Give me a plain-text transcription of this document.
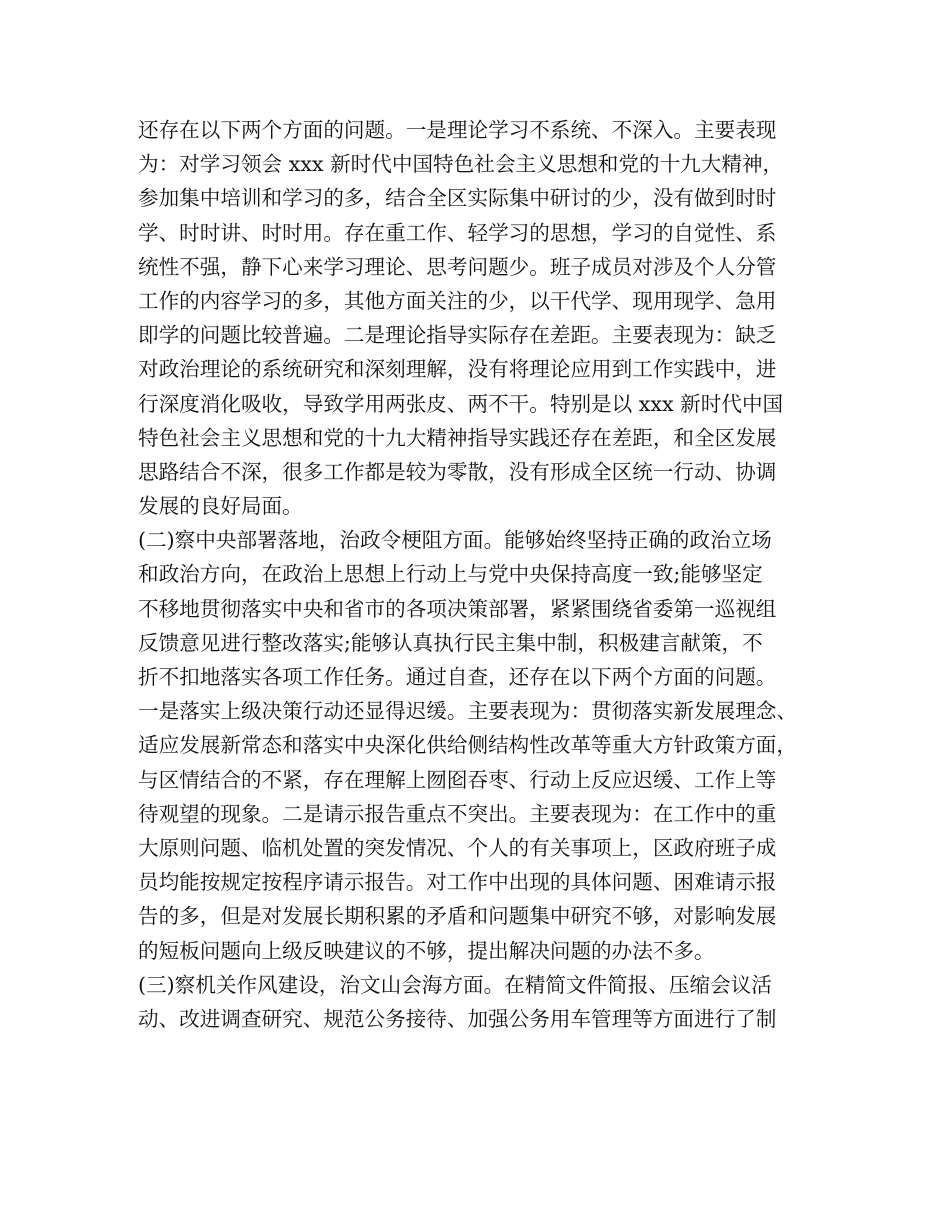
还存在以下两个方面的问题。一是理论学习不系统、不深入。主要表现
为：对学习领会 xxx 新时代中国特色社会主义思想和党的十九大精神，
参加集中培训和学习的多，结合全区实际集中研讨的少，没有做到时时
学、时时讲、时时用。存在重工作、轻学习的思想，学习的自觉性、系
统性不强，静下心来学习理论、思考问题少。班子成员对涉及个人分管
工作的内容学习的多，其他方面关注的少，以干代学、现用现学、急用
即学的问题比较普遍。二是理论指导实际存在差距。主要表现为：缺乏
对政治理论的系统研究和深刻理解，没有将理论应用到工作实践中，进
行深度消化吸收，导致学用两张皮、两不干。特别是以 xxx 新时代中国
特色社会主义思想和党的十九大精神指导实践还存在差距，和全区发展
思路结合不深，很多工作都是较为零散，没有形成全区统一行动、协调
发展的良好局面。
(二)察中央部署落地，治政令梗阻方面。能够始终坚持正确的政治立场
和政治方向，在政治上思想上行动上与党中央保持高度一致;能够坚定
不移地贯彻落实中央和省市的各项决策部署，紧紧围绕省委第一巡视组
反馈意见进行整改落实;能够认真执行民主集中制，积极建言献策，不
折不扣地落实各项工作任务。通过自查，还存在以下两个方面的问题。
一是落实上级决策行动还显得迟缓。主要表现为：贯彻落实新发展理念、
适应发展新常态和落实中央深化供给侧结构性改革等重大方针政策方面，
与区情结合的不紧，存在理解上囫囵吞枣、行动上反应迟缓、工作上等
待观望的现象。二是请示报告重点不突出。主要表现为：在工作中的重
大原则问题、临机处置的突发情况、个人的有关事项上，区政府班子成
员均能按规定按程序请示报告。对工作中出现的具体问题、困难请示报
告的多，但是对发展长期积累的矛盾和问题集中研究不够，对影响发展
的短板问题向上级反映建议的不够，提出解决问题的办法不多。
(三)察机关作风建设，治文山会海方面。在精简文件简报、压缩会议活
动、改进调查研究、规范公务接待、加强公务用车管理等方面进行了制
